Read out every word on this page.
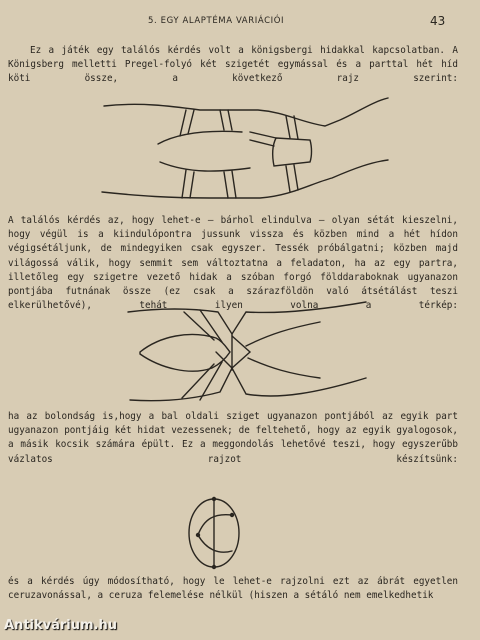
5. EGY ALAPTÉMA VARIÁCIÓI	43

Ez a játék egy találós kérdés volt a königsbergi hidakkal kapcsolatban. A Königsberg melletti Pregel-folyó két szigetét egymással és a parttal hét híd köti össze, a következő rajz szerint:

A találós kérdés az, hogy lehet-e – bárhol elindulva – olyan sétát kieszelni, hogy végül is a kiindulópontra jussunk vissza és közben mind a hét hídon végigsétáljunk, de mindegyiken csak egyszer. Tessék próbálgatni; közben majd világossá válik, hogy semmit sem változtatna a feladaton, ha az egy partra, illetőleg egy szigetre vezető hidak a szóban forgó földdaraboknak ugyanazon pontjába futnának össze (ez csak a szárazföldön való átsétálást teszi elkerülhetővé), tehát ilyen volna a térkép:

ha az bolondság is,hogy a bal oldali sziget ugyanazon pontjából az egyik part ugyanazon pontjáig két hidat vezessenek; de feltehető, hogy az egyik gyalogosok, a másik kocsik számára épült. Ez a meggondolás lehetővé teszi, hogy egyszerűbb vázlatos rajzot készítsünk:

és a kérdés úgy módosítható, hogy le lehet-e rajzolni ezt az ábrát egyetlen ceruzavonással, a ceruza felemelése nélkül (hiszen a sétáló nem emelkedhetik

Antikvárium.hu
